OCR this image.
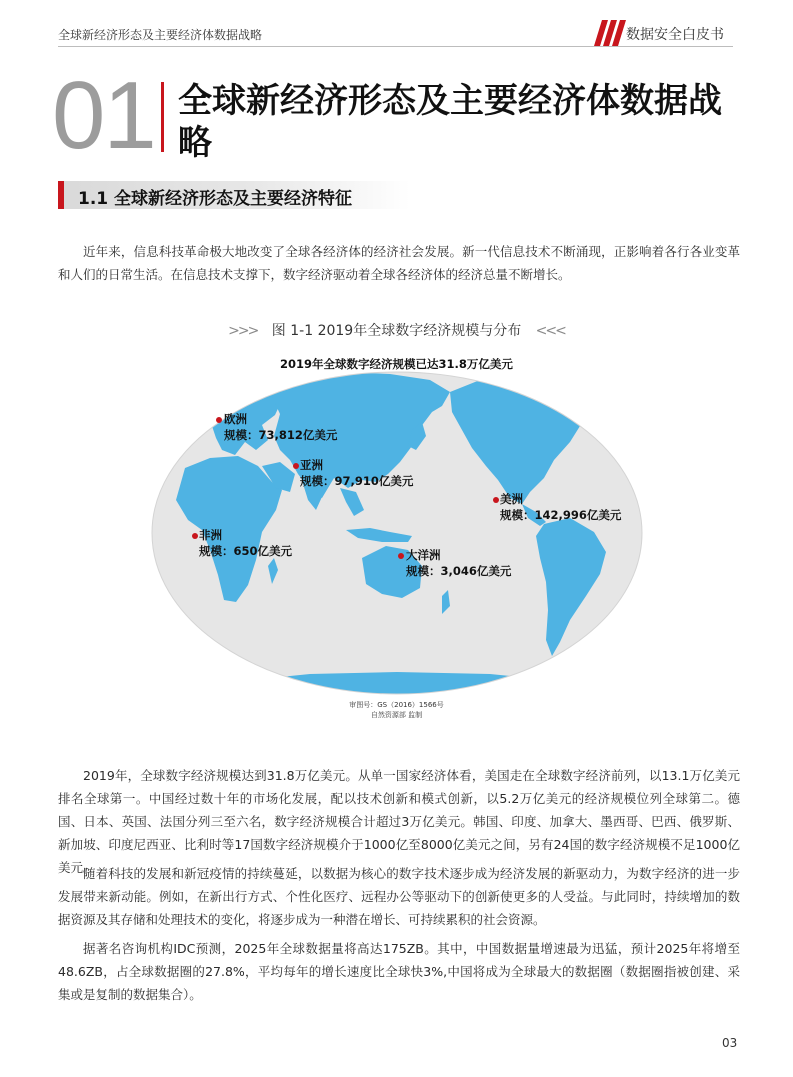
全球新经济形态及主要经济体数据战略	数据安全白皮书
01 全球新经济形态及主要经济体数据战略
1.1 全球新经济形态及主要经济特征

近年来，信息科技革命极大地改变了全球各经济体的经济社会发展。新一代信息技术不断涌现，正影响着各行各业变革和人们的日常生活。在信息技术支撑下，数字经济驱动着全球各经济体的经济总量不断增长。

>>> 图 1-1 2019年全球数字经济规模与分布 <<<
2019年全球数字经济规模已达31.8万亿美元
欧洲
规模：73,812亿美元
亚洲
规模：97,910亿美元
美洲
规模：142,996亿美元
非洲
规模：650亿美元	大洋洲
规模：3,046亿美元
审图号：GS（2016）1566号
自然资源部 监制

2019年，全球数字经济规模达到31.8万亿美元。从单一国家经济体看，美国走在全球数字经济前列，以13.1万亿美元排名全球第一。中国经过数十年的市场化发展，配以技术创新和模式创新，以5.2万亿美元的经济规模位列全球第二。德国、日本、英国、法国分列三至六名，数字经济规模合计超过3万亿美元。韩国、印度、加拿大、墨西哥、巴西、俄罗斯、新加坡、印度尼西亚、比利时等17国数字经济规模介于1000亿至8000亿美元之间，另有24国的数字经济规模不足1000亿美元。

随着科技的发展和新冠疫情的持续蔓延，以数据为核心的数字技术逐步成为经济发展的新驱动力，为数字经济的进一步发展带来新动能。例如，在新出行方式、个性化医疗、远程办公等驱动下的创新使更多的人受益。与此同时，持续增加的数据资源及其存储和处理技术的变化，将逐步成为一种潜在增长、可持续累积的社会资源。

据著名咨询机构IDC预测，2025年全球数据量将高达175ZB。其中，中国数据量增速最为迅猛，预计2025年将增至48.6ZB，占全球数据圈的27.8%，平均每年的增长速度比全球快3%,中国将成为全球最大的数据圈（数据圈指被创建、采集或是复制的数据集合）。

03
